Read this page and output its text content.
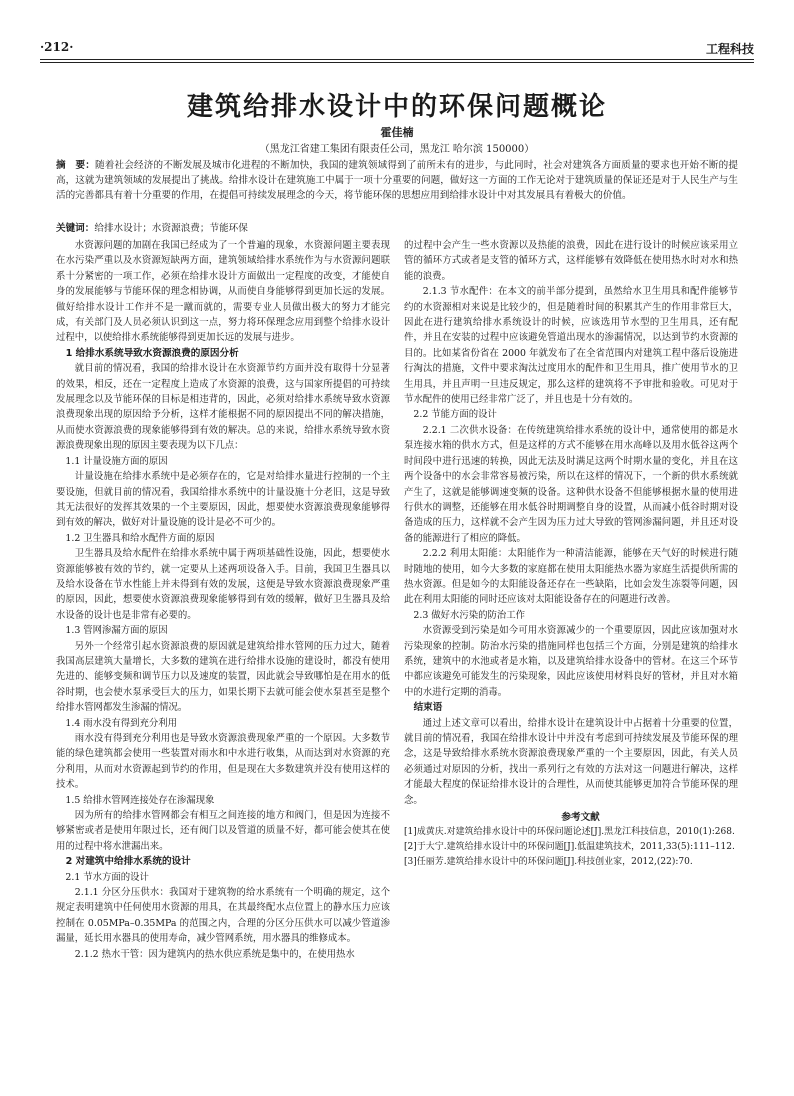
·212·	工程科技
建筑给排水设计中的环保问题概论
霍佳楠
（黑龙江省建工集团有限责任公司，黑龙江 哈尔滨 150000）
摘　要：随着社会经济的不断发展及城市化进程的不断加快，我国的建筑领域得到了前所未有的进步，与此同时，社会对建筑各方面质量的要求也开始不断的提高，这就为建筑领域的发展提出了挑战。给排水设计在建筑施工中属于一项十分重要的问题，做好这一方面的工作无论对于建筑质量的保证还是对于人民生产与生活的完善都具有着十分重要的作用，在提倡可持续发展理念的今天，将节能环保的思想应用到给排水设计中对其发展具有着极大的价值。
关键词：给排水设计；水资源浪费；节能环保

水资源问题的加剧在我国已经成为了一个普遍的现象，水资源问题主要表现在水污染严重以及水资源短缺两方面，建筑领域给排水系统作为与水资源问题联系十分紧密的一项工作，必须在给排水设计方面做出一定程度的改变，才能使自身的发展能够与节能环保的理念相协调，从而使自身能够得到更加长远的发展。做好给排水设计工作并不是一蹴而就的，需要专业人员做出极大的努力才能完成，有关部门及人员必须认识到这一点，努力将环保理念应用到整个给排水设计过程中，以使给排水系统能够得到更加长远的发展与进步。

1 给排水系统导致水资源浪费的原因分析

就目前的情况看，我国的给排水设计在水资源节约方面并没有取得十分显著的效果，相反，还在一定程度上造成了水资源的浪费，这与国家所提倡的可持续发展理念以及节能环保的目标是相违背的，因此，必须对给排水系统导致水资源浪费现象出现的原因给予分析，这样才能根据不同的原因提出不同的解决措施，从而使水资源浪费的现象能够得到有效的解决。总的来说，给排水系统导致水资源浪费现象出现的原因主要表现为以下几点：

1.1 计量设施方面的原因

计量设施在给排水系统中是必须存在的，它是对给排水量进行控制的一个主要设施，但就目前的情况看，我国给排水系统中的计量设施十分老旧，这是导致其无法很好的发挥其效果的一个主要原因，因此，想要使水资源浪费现象能够得到有效的解决，做好对计量设施的设计是必不可少的。

1.2 卫生器具和给水配件方面的原因

卫生器具及给水配件在给排水系统中属于两项基础性设施，因此，想要使水资源能够被有效的节约，就一定要从上述两项设备入手。目前，我国卫生器具以及给水设备在节水性能上并未得到有效的发展，这便是导致水资源浪费现象严重的原因，因此，想要使水资源浪费现象能够得到有效的缓解，做好卫生器具及给水设备的设计也是非常有必要的。

1.3 管网渗漏方面的原因

另外一个经常引起水资源浪费的原因就是建筑给排水管网的压力过大，随着我国高层建筑大量增长，大多数的建筑在进行给排水设施的建设时，都没有使用先进的、能够变频和调节压力以及速度的装置，因此就会导致哪怕是在用水的低谷时期，也会使水泵承受巨大的压力，如果长期下去就可能会使水泵甚至是整个给排水管网都发生渗漏的情况。

1.4 雨水没有得到充分利用

雨水没有得到充分利用也是导致水资源浪费现象严重的一个原因。大多数节能的绿色建筑都会使用一些装置对雨水和中水进行收集，从而达到对水资源的充分利用，从而对水资源起到节约的作用，但是现在大多数建筑并没有使用这样的技术。

1.5 给排水管网连接处存在渗漏现象

因为所有的给排水管网都会有相互之间连接的地方和阀门，但是因为连接不够紧密或者是使用年限过长，还有阀门以及管道的质量不好，都可能会使其在使用的过程中将水泄漏出来。

2 对建筑中给排水系统的设计

2.1 节水方面的设计

2.1.1 分区分压供水：我国对于建筑物的给水系统有一个明确的规定，这个规定表明建筑中任何使用水资源的用具，在其最终配水点位置上的静水压力应该控制在 0.05MPa–0.35MPa 的范围之内，合理的分区分压供水可以减少管道渗漏量，延长用水器具的使用寿命，减少管网系统，用水器具的维修成本。

2.1.2 热水干管：因为建筑内的热水供应系统是集中的，在使用热水

的过程中会产生一些水资源以及热能的浪费，因此在进行设计的时候应该采用立管的循环方式或者是支管的循环方式，这样能够有效降低在使用热水时对水和热能的浪费。

2.1.3 节水配件：在本文的前半部分提到，虽然给水卫生用具和配件能够节约的水资源相对来说是比较少的，但是随着时间的积累其产生的作用非常巨大，因此在进行建筑给排水系统设计的时候，应该选用节水型的卫生用具，还有配件，并且在安装的过程中应该避免管道出现水的渗漏情况，以达到节约水资源的目的。比如某省份省在 2000 年就发布了在全省范围内对建筑工程中落后设施进行淘汰的措施，文件中要求淘汰过度用水的配件和卫生用具，推广使用节水的卫生用具，并且声明一旦违反规定，那么这样的建筑将不予审批和验收。可见对于节水配件的使用已经非常广泛了，并且也是十分有效的。

2.2 节能方面的设计

2.2.1 二次供水设备：在传统建筑给排水系统的设计中，通常使用的都是水泵连接水箱的供水方式，但是这样的方式不能够在用水高峰以及用水低谷这两个时间段中进行迅速的转换，因此无法及时满足这两个时期水量的变化，并且在这两个设备中的水会非常容易被污染，所以在这样的情况下，一个新的供水系统就产生了，这就是能够调速变频的设备。这种供水设备不但能够根据水量的使用进行供水的调整，还能够在用水低谷时期调整自身的设置，从而减小低谷时期对设备造成的压力，这样就不会产生因为压力过大导致的管网渗漏问题，并且还对设备的能源进行了相应的降低。

2.2.2 利用太阳能：太阳能作为一种清洁能源，能够在天气好的时候进行随时随地的使用，如今大多数的家庭都在使用太阳能热水器为家庭生活提供所需的热水资源。但是如今的太阳能设备还存在一些缺陷，比如会发生冻裂等问题，因此在利用太阳能的同时还应该对太阳能设备存在的问题进行改善。

2.3 做好水污染的防治工作

水资源受到污染是如今可用水资源减少的一个重要原因，因此应该加强对水污染现象的控制。防治水污染的措施同样也包括三个方面，分别是建筑的给排水系统，建筑中的水池或者是水箱，以及建筑给排水设备中的管材。在这三个环节中都应该避免可能发生的污染现象，因此应该使用材料良好的管材，并且对水箱中的水进行定期的消毒。

结束语

通过上述文章可以看出，给排水设计在建筑设计中占据着十分重要的位置，就目前的情况看，我国在给排水设计中并没有考虑到可持续发展及节能环保的理念，这是导致给排水系统水资源浪费现象严重的一个主要原因，因此，有关人员必须通过对原因的分析，找出一系列行之有效的方法对这一问题进行解决，这样才能最大程度的保证给排水设计的合理性，从而使其能够更加符合节能环保的理念。

参考文献

[1]成黄庆.对建筑给排水设计中的环保问题论述[J].黑龙江科技信息，2010(1):268.

[2]于大宁.建筑给排水设计中的环保问题[J].低温建筑技术，2011,33(5):111–112.

[3]任丽芳.建筑给排水设计中的环保问题[J].科技创业家，2012,(22):70.
